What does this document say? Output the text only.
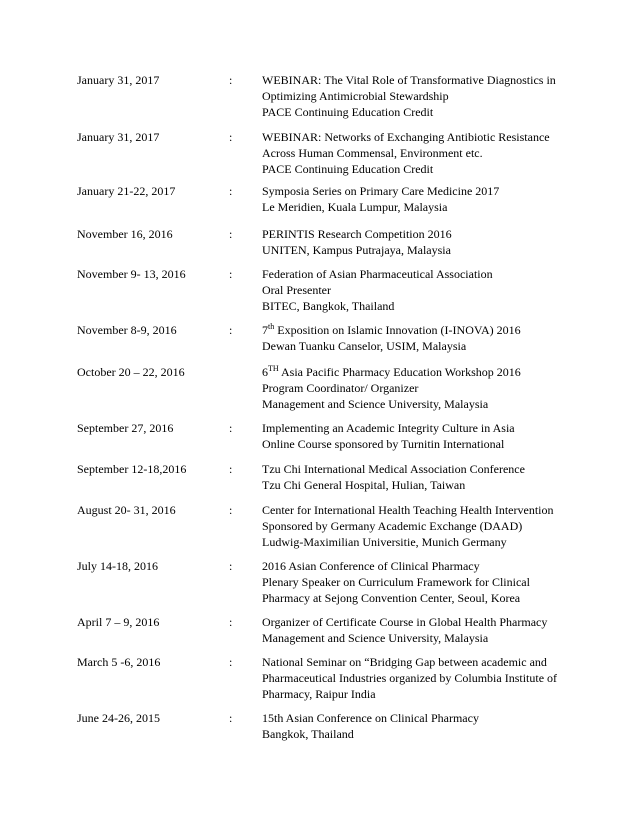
January 31, 2017	: WEBINAR: The Vital Role of Transformative Diagnostics in
Optimizing Antimicrobial Stewardship
PACE Continuing Education Credit
January 31, 2017	: WEBINAR: Networks of Exchanging Antibiotic Resistance
Across Human Commensal, Environment etc.
PACE Continuing Education Credit
January 21-22, 2017	: Symposia Series on Primary Care Medicine 2017
Le Meridien, Kuala Lumpur, Malaysia
November 16, 2016	: PERINTIS Research Competition 2016
UNITEN, Kampus Putrajaya, Malaysia
November 9- 13, 2016	: Federation of Asian Pharmaceutical Association
Oral Presenter
BITEC, Bangkok, Thailand
November 8-9, 2016	: 7th Exposition on Islamic Innovation (I-INOVA) 2016
Dewan Tuanku Canselor, USIM, Malaysia
October 20 – 22, 2016	6TH Asia Pacific Pharmacy Education Workshop 2016
Program Coordinator/ Organizer
Management and Science University, Malaysia
September 27, 2016	: Implementing an Academic Integrity Culture in Asia
Online Course sponsored by Turnitin International
September 12-18,2016	: Tzu Chi International Medical Association Conference
Tzu Chi General Hospital, Hulian, Taiwan
August 20- 31, 2016	: Center for International Health Teaching Health Intervention
Sponsored by Germany Academic Exchange (DAAD)
Ludwig-Maximilian Universitie, Munich Germany
July 14-18, 2016	: 2016 Asian Conference of Clinical Pharmacy
Plenary Speaker on Curriculum Framework for Clinical
Pharmacy at Sejong Convention Center, Seoul, Korea
April 7 – 9, 2016	: Organizer of Certificate Course in Global Health Pharmacy
Management and Science University, Malaysia
March 5 -6, 2016	: National Seminar on “Bridging Gap between academic and
Pharmaceutical Industries organized by Columbia Institute of
Pharmacy, Raipur India
June 24-26, 2015	: 15th Asian Conference on Clinical Pharmacy
Bangkok, Thailand
